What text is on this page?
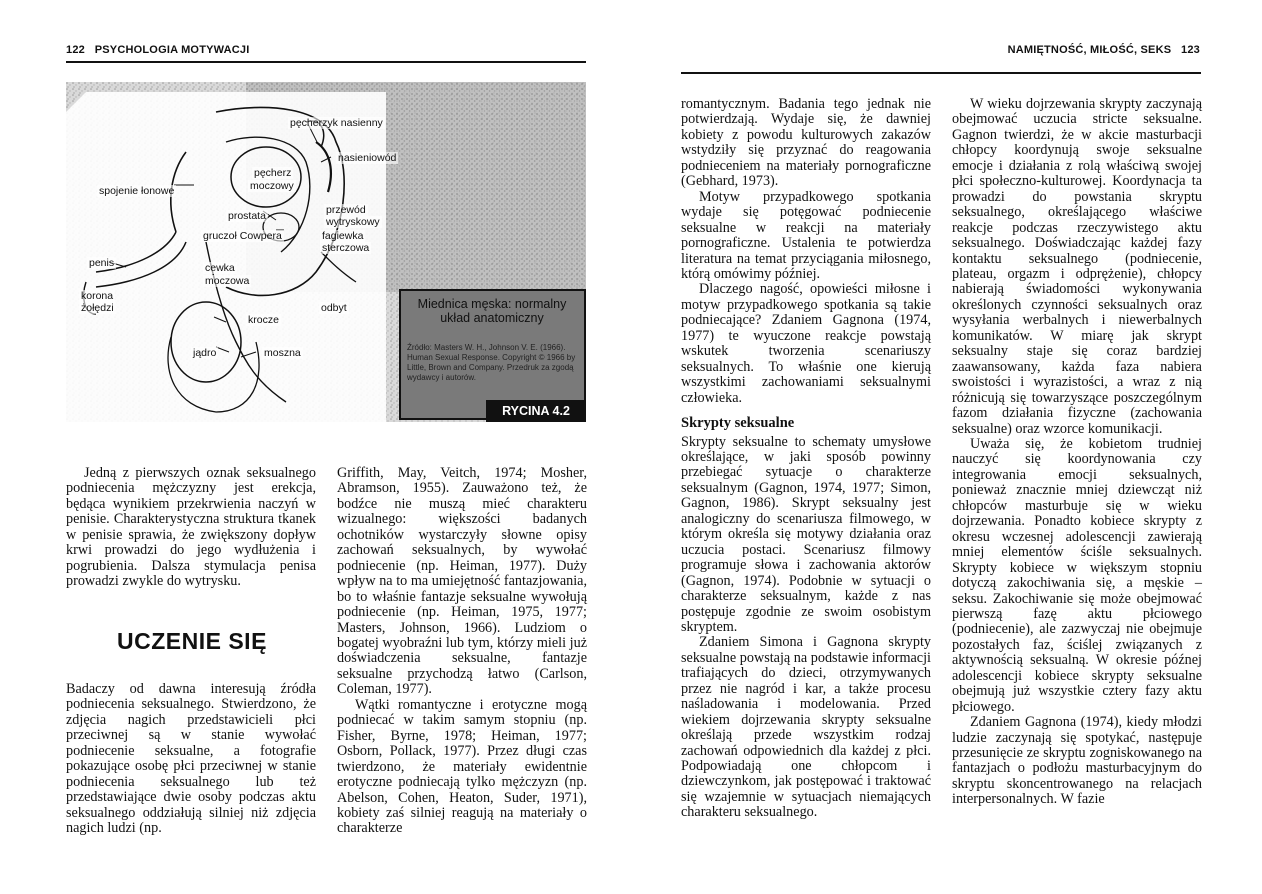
122 PSYCHOLOGIA MOTYWACJI
pęcherzyk nasienny
nasieniowód
pęcherz
moczowy
spojenie łonowe
przewód
wytryskowy
prostata
gruczoł Cowpera	fagiewka
sterczowa
penis	cewka
moczowa
korona
żołędzi	odbyt
krocze
jądro	moszna
Miednica męska: normalny układ anatomiczny
Źródło: Masters W. H., Johnson V. E. (1966). Human Sexual Response. Copyright © 1966 by Little, Brown and Company. Przedruk za zgodą wydawcy i autorów.
RYCINA 4.2

Jedną z pierwszych oznak seksualnego podniecenia mężczyzny jest erekcja, będąca wynikiem przekrwienia naczyń w penisie. Charakterystyczna struktura tkanek w penisie sprawia, że zwiększony dopływ krwi prowadzi do jego wydłużenia i pogrubienia. Dalsza stymulacja penisa prowadzi zwykle do wytrysku.

UCZENIE SIĘ

Badaczy od dawna interesują źródła podniecenia seksualnego. Stwierdzono, że zdjęcia nagich przedstawicieli płci przeciwnej są w stanie wywołać podniecenie seksualne, a fotografie pokazujące osobę płci przeciwnej w stanie podniecenia seksualnego lub też przedstawiające dwie osoby podczas aktu seksualnego oddziałują silniej niż zdjęcia nagich ludzi (np.

Griffith, May, Veitch, 1974; Mosher, Abramson, 1955). Zauważono też, że bodźce nie muszą mieć charakteru wizualnego: większości badanych ochotników wystarczyły słowne opisy zachowań seksualnych, by wywołać podniecenie (np. Heiman, 1977). Duży wpływ na to ma umiejętność fantazjowania, bo to właśnie fantazje seksualne wywołują podniecenie (np. Heiman, 1975, 1977; Masters, Johnson, 1966). Ludziom o bogatej wyobraźni lub tym, którzy mieli już doświadczenia seksualne, fantazje seksualne przychodzą łatwo (Carlson, Coleman, 1977).

Wątki romantyczne i erotyczne mogą podniecać w takim samym stopniu (np. Fisher, Byrne, 1978; Heiman, 1977; Osborn, Pollack, 1977). Przez długi czas twierdzono, że materiały ewidentnie erotyczne podniecają tylko mężczyzn (np. Abelson, Cohen, Heaton, Suder, 1971), kobiety zaś silniej reagują na materiały o charakterze

NAMIĘTNOŚĆ, MIŁOŚĆ, SEKS 123

romantycznym. Badania tego jednak nie potwierdzają. Wydaje się, że dawniej kobiety z powodu kulturowych zakazów wstydziły się przyznać do reagowania podnieceniem na materiały pornograficzne (Gebhard, 1973).

Motyw przypadkowego spotkania wydaje się potęgować podniecenie seksualne w reakcji na materiały pornograficzne. Ustalenia te potwierdza literatura na temat przyciągania miłosnego, którą omówimy później.

Dlaczego nagość, opowieści miłosne i motyw przypadkowego spotkania są takie podniecające? Zdaniem Gagnona (1974, 1977) te wyuczone reakcje powstają wskutek tworzenia scenariuszy seksualnych. To właśnie one kierują wszystkimi zachowaniami seksualnymi człowieka.

Skrypty seksualne

Skrypty seksualne to schematy umysłowe określające, w jaki sposób powinny przebiegać sytuacje o charakterze seksualnym (Gagnon, 1974, 1977; Simon, Gagnon, 1986). Skrypt seksualny jest analogiczny do scenariusza filmowego, w którym określa się motywy działania oraz uczucia postaci. Scenariusz filmowy programuje słowa i zachowania aktorów (Gagnon, 1974). Podobnie w sytuacji o charakterze seksualnym, każde z nas postępuje zgodnie ze swoim osobistym skryptem.

Zdaniem Simona i Gagnona skrypty seksualne powstają na podstawie informacji trafiających do dzieci, otrzymywanych przez nie nagród i kar, a także procesu naśladowania i modelowania. Przed wiekiem dojrzewania skrypty seksualne określają przede wszystkim rodzaj zachowań odpowiednich dla każdej z płci. Podpowiadają one chłopcom i dziewczynkom, jak postępować i traktować się wzajemnie w sytuacjach niemających charakteru seksualnego.

W wieku dojrzewania skrypty zaczynają obejmować uczucia stricte seksualne. Gagnon twierdzi, że w akcie masturbacji chłopcy koordynują swoje seksualne emocje i działania z rolą właściwą swojej płci społeczno-kulturowej. Koordynacja ta prowadzi do powstania skryptu seksualnego, określającego właściwe reakcje podczas rzeczywistego aktu seksualnego. Doświadczając każdej fazy kontaktu seksualnego (podniecenie, plateau, orgazm i odprężenie), chłopcy nabierają świadomości wykonywania określonych czynności seksualnych oraz wysyłania werbalnych i niewerbalnych komunikatów. W miarę jak skrypt seksualny staje się coraz bardziej zaawansowany, każda faza nabiera swoistości i wyrazistości, a wraz z nią różnicują się towarzyszące poszczególnym fazom działania fizyczne (zachowania seksualne) oraz wzorce komunikacji.

Uważa się, że kobietom trudniej nauczyć się koordynowania czy integrowania emocji seksualnych, ponieważ znacznie mniej dziewcząt niż chłopców masturbuje się w wieku dojrzewania. Ponadto kobiece skrypty z okresu wczesnej adolescencji zawierają mniej elementów ściśle seksualnych. Skrypty kobiece w większym stopniu dotyczą zakochiwania się, a męskie – seksu. Zakochiwanie się może obejmować pierwszą fazę aktu płciowego (podniecenie), ale zazwyczaj nie obejmuje pozostałych faz, ściślej związanych z aktywnością seksualną. W okresie późnej adolescencji kobiece skrypty seksualne obejmują już wszystkie cztery fazy aktu płciowego.

Zdaniem Gagnona (1974), kiedy młodzi ludzie zaczynają się spotykać, następuje przesunięcie ze skryptu zogniskowanego na fantazjach o podłożu masturbacyjnym do skryptu skoncentrowanego na relacjach interpersonalnych. W fazie
